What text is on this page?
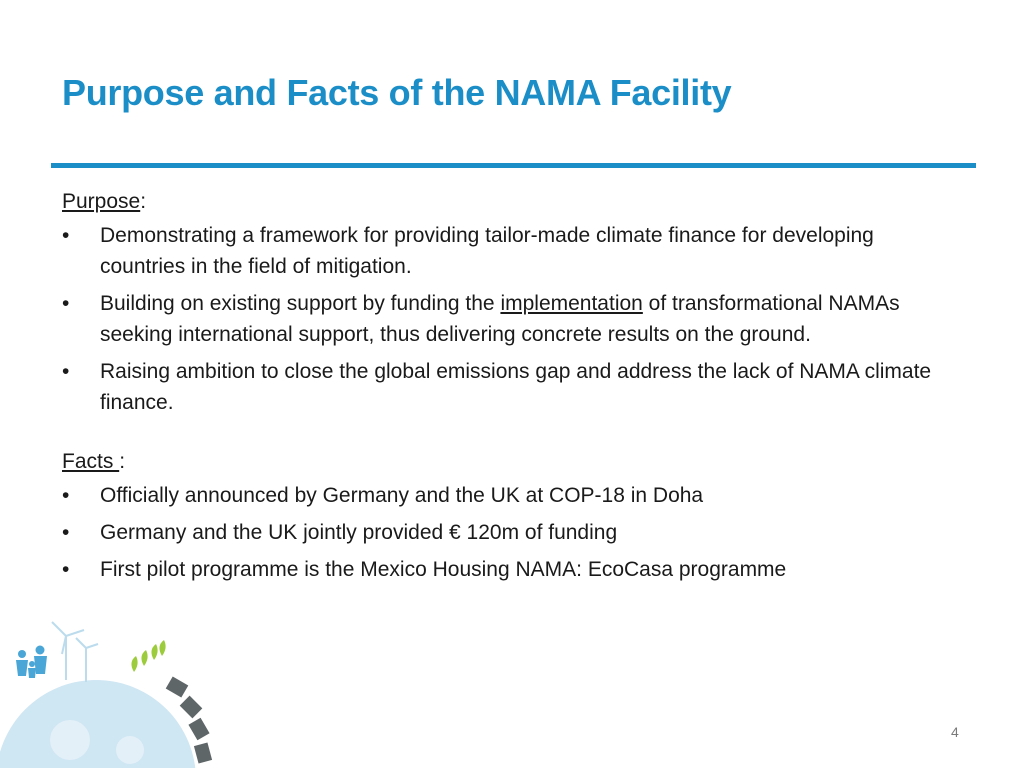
Purpose and Facts of the NAMA Facility

Purpose:

• Demonstrating a framework for providing tailor-made climate finance for developing countries in the field of mitigation.
• Building on existing support by funding the implementation of transformational NAMAs seeking international support, thus delivering concrete results on the ground.
• Raising ambition to close the global emissions gap and address the lack of NAMA climate finance.

Facts :

• Officially announced by Germany and the UK at COP-18 in Doha
• Germany and the UK jointly provided € 120m of funding
• First pilot programme is the Mexico Housing NAMA: EcoCasa programme
4
